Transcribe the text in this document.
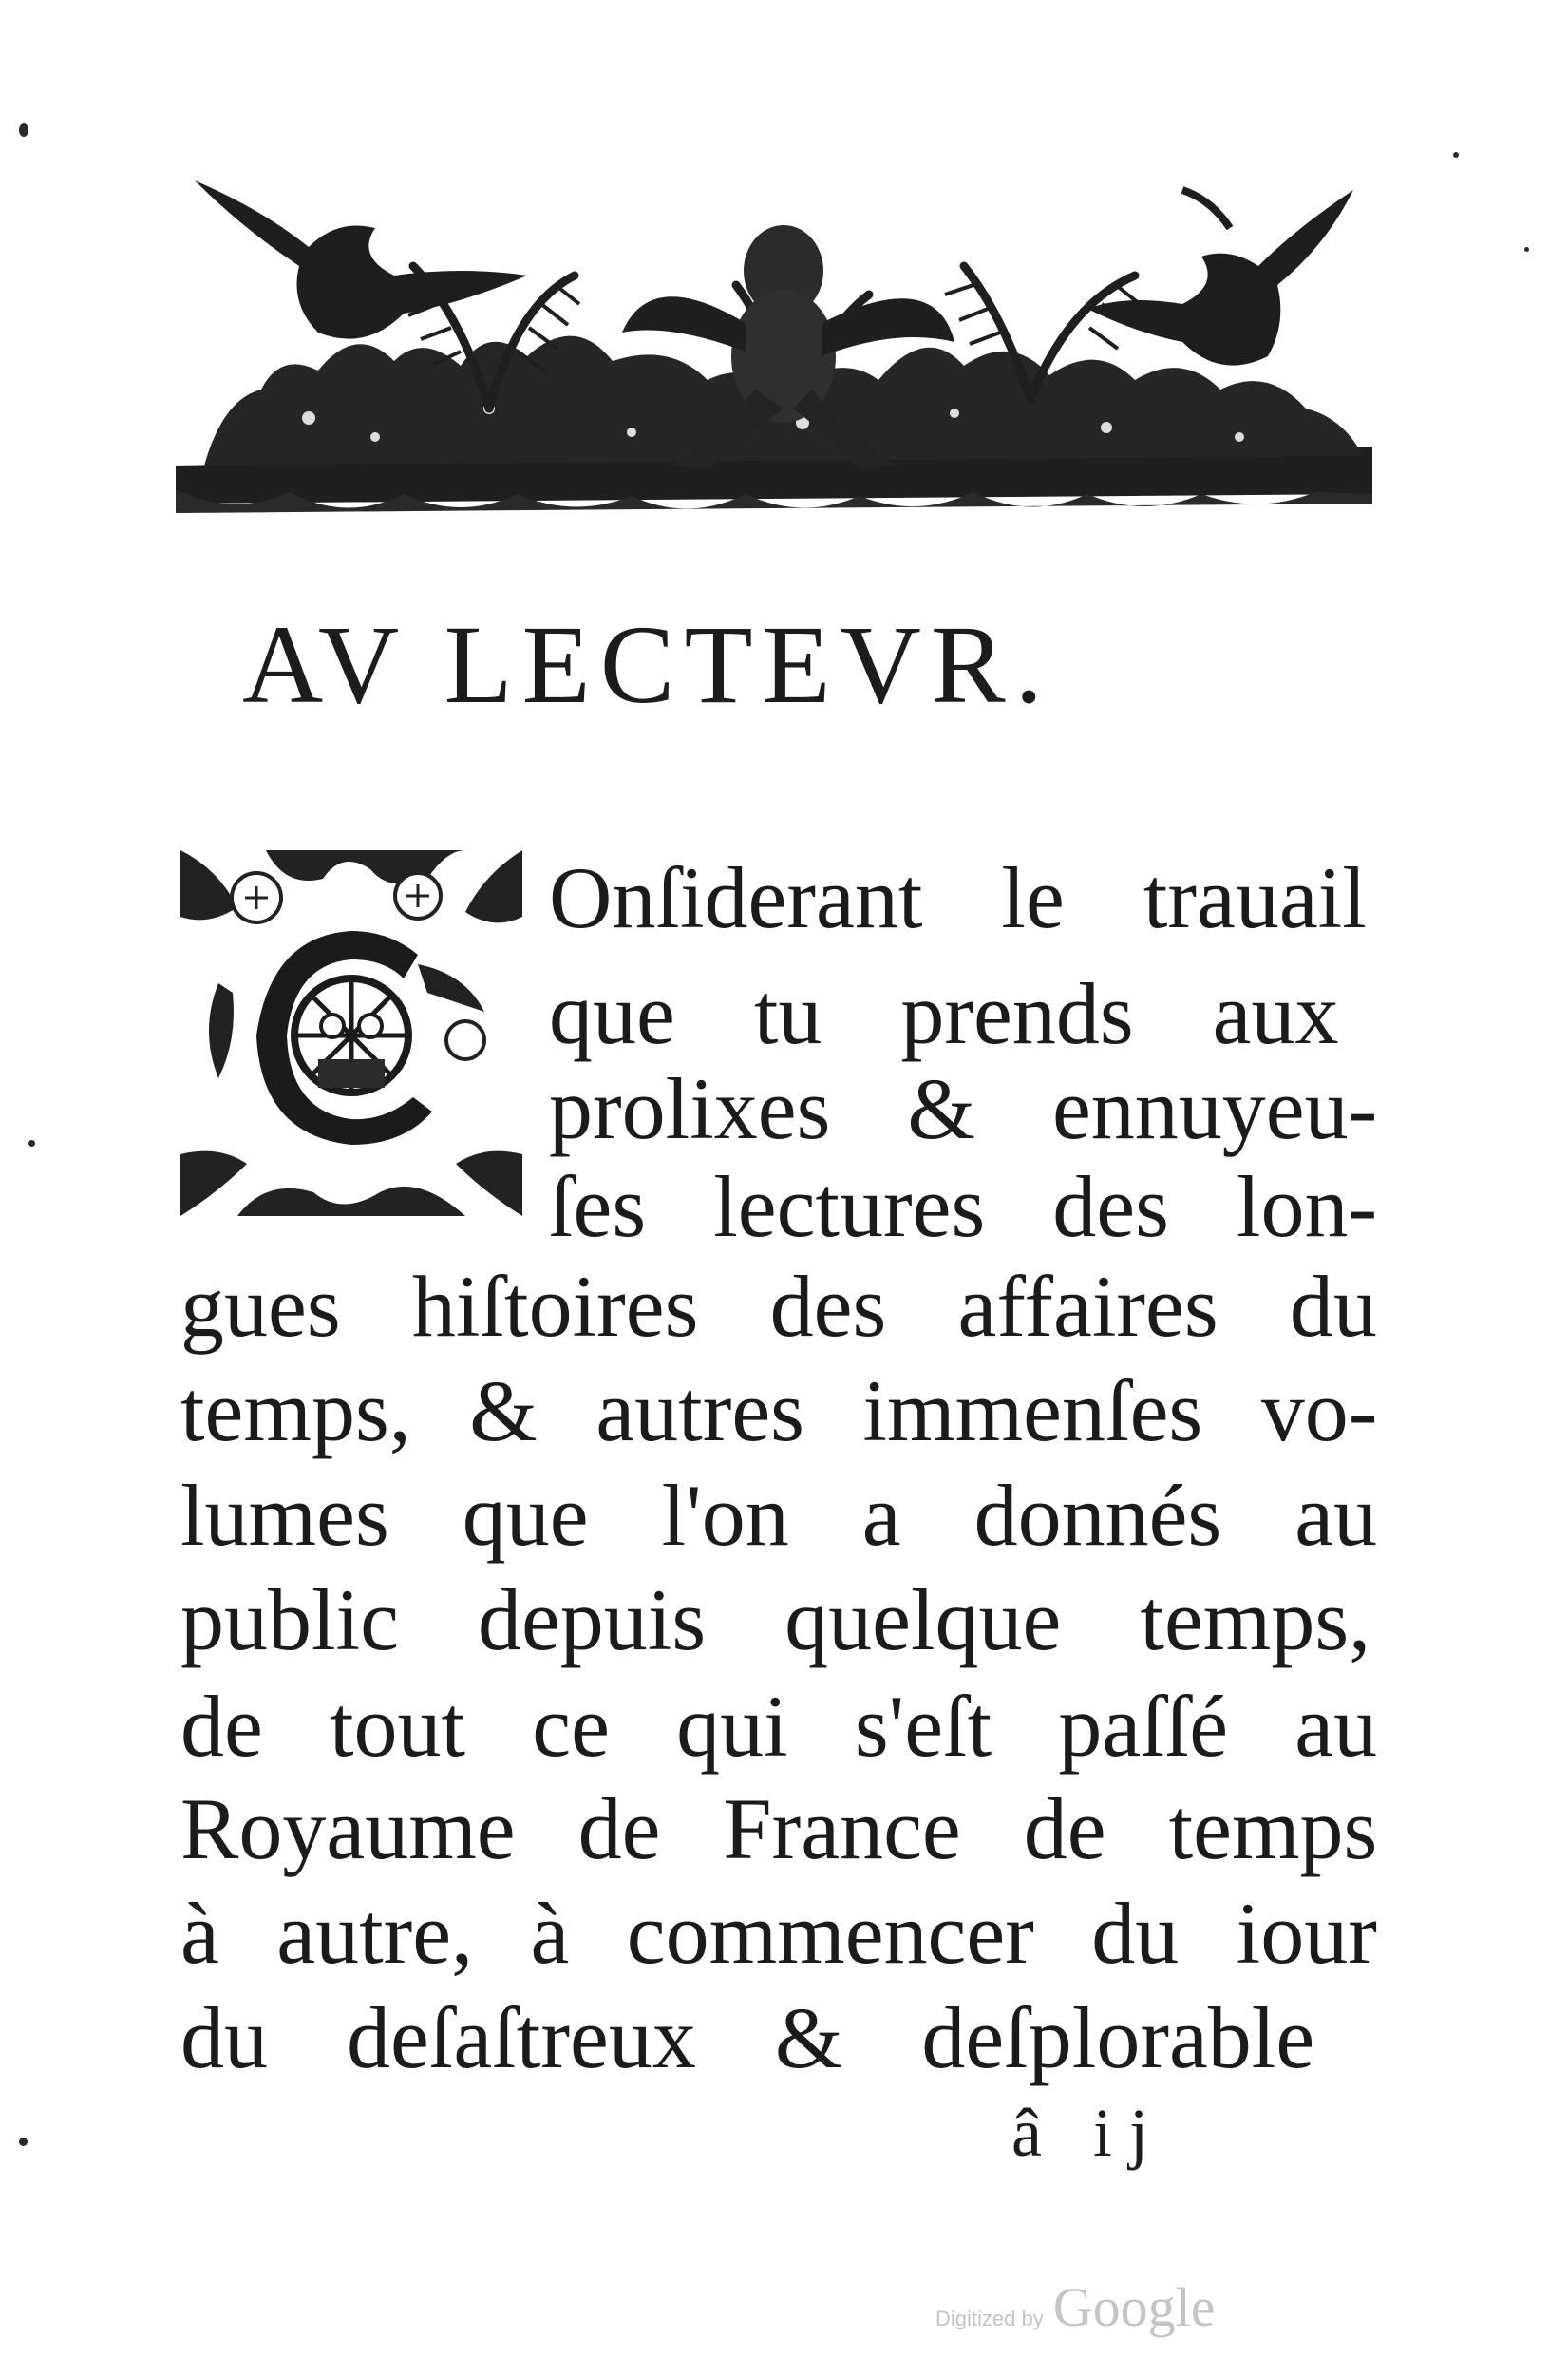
AV LECTEVR.
Onſiderant le trauail
que tu prends aux
prolixes & ennuyeu-
ſes lectures des lon-
gues hiſtoires des affaires du
temps, & autres immenſes vo-
lumes que l'on a donnés au
public depuis quelque temps,
de tout ce qui s'eſt paſſé au
Royaume de France de temps
à autre, à commencer du iour
du deſaſtreux & deſplorable
â ij
Digitized by Google
